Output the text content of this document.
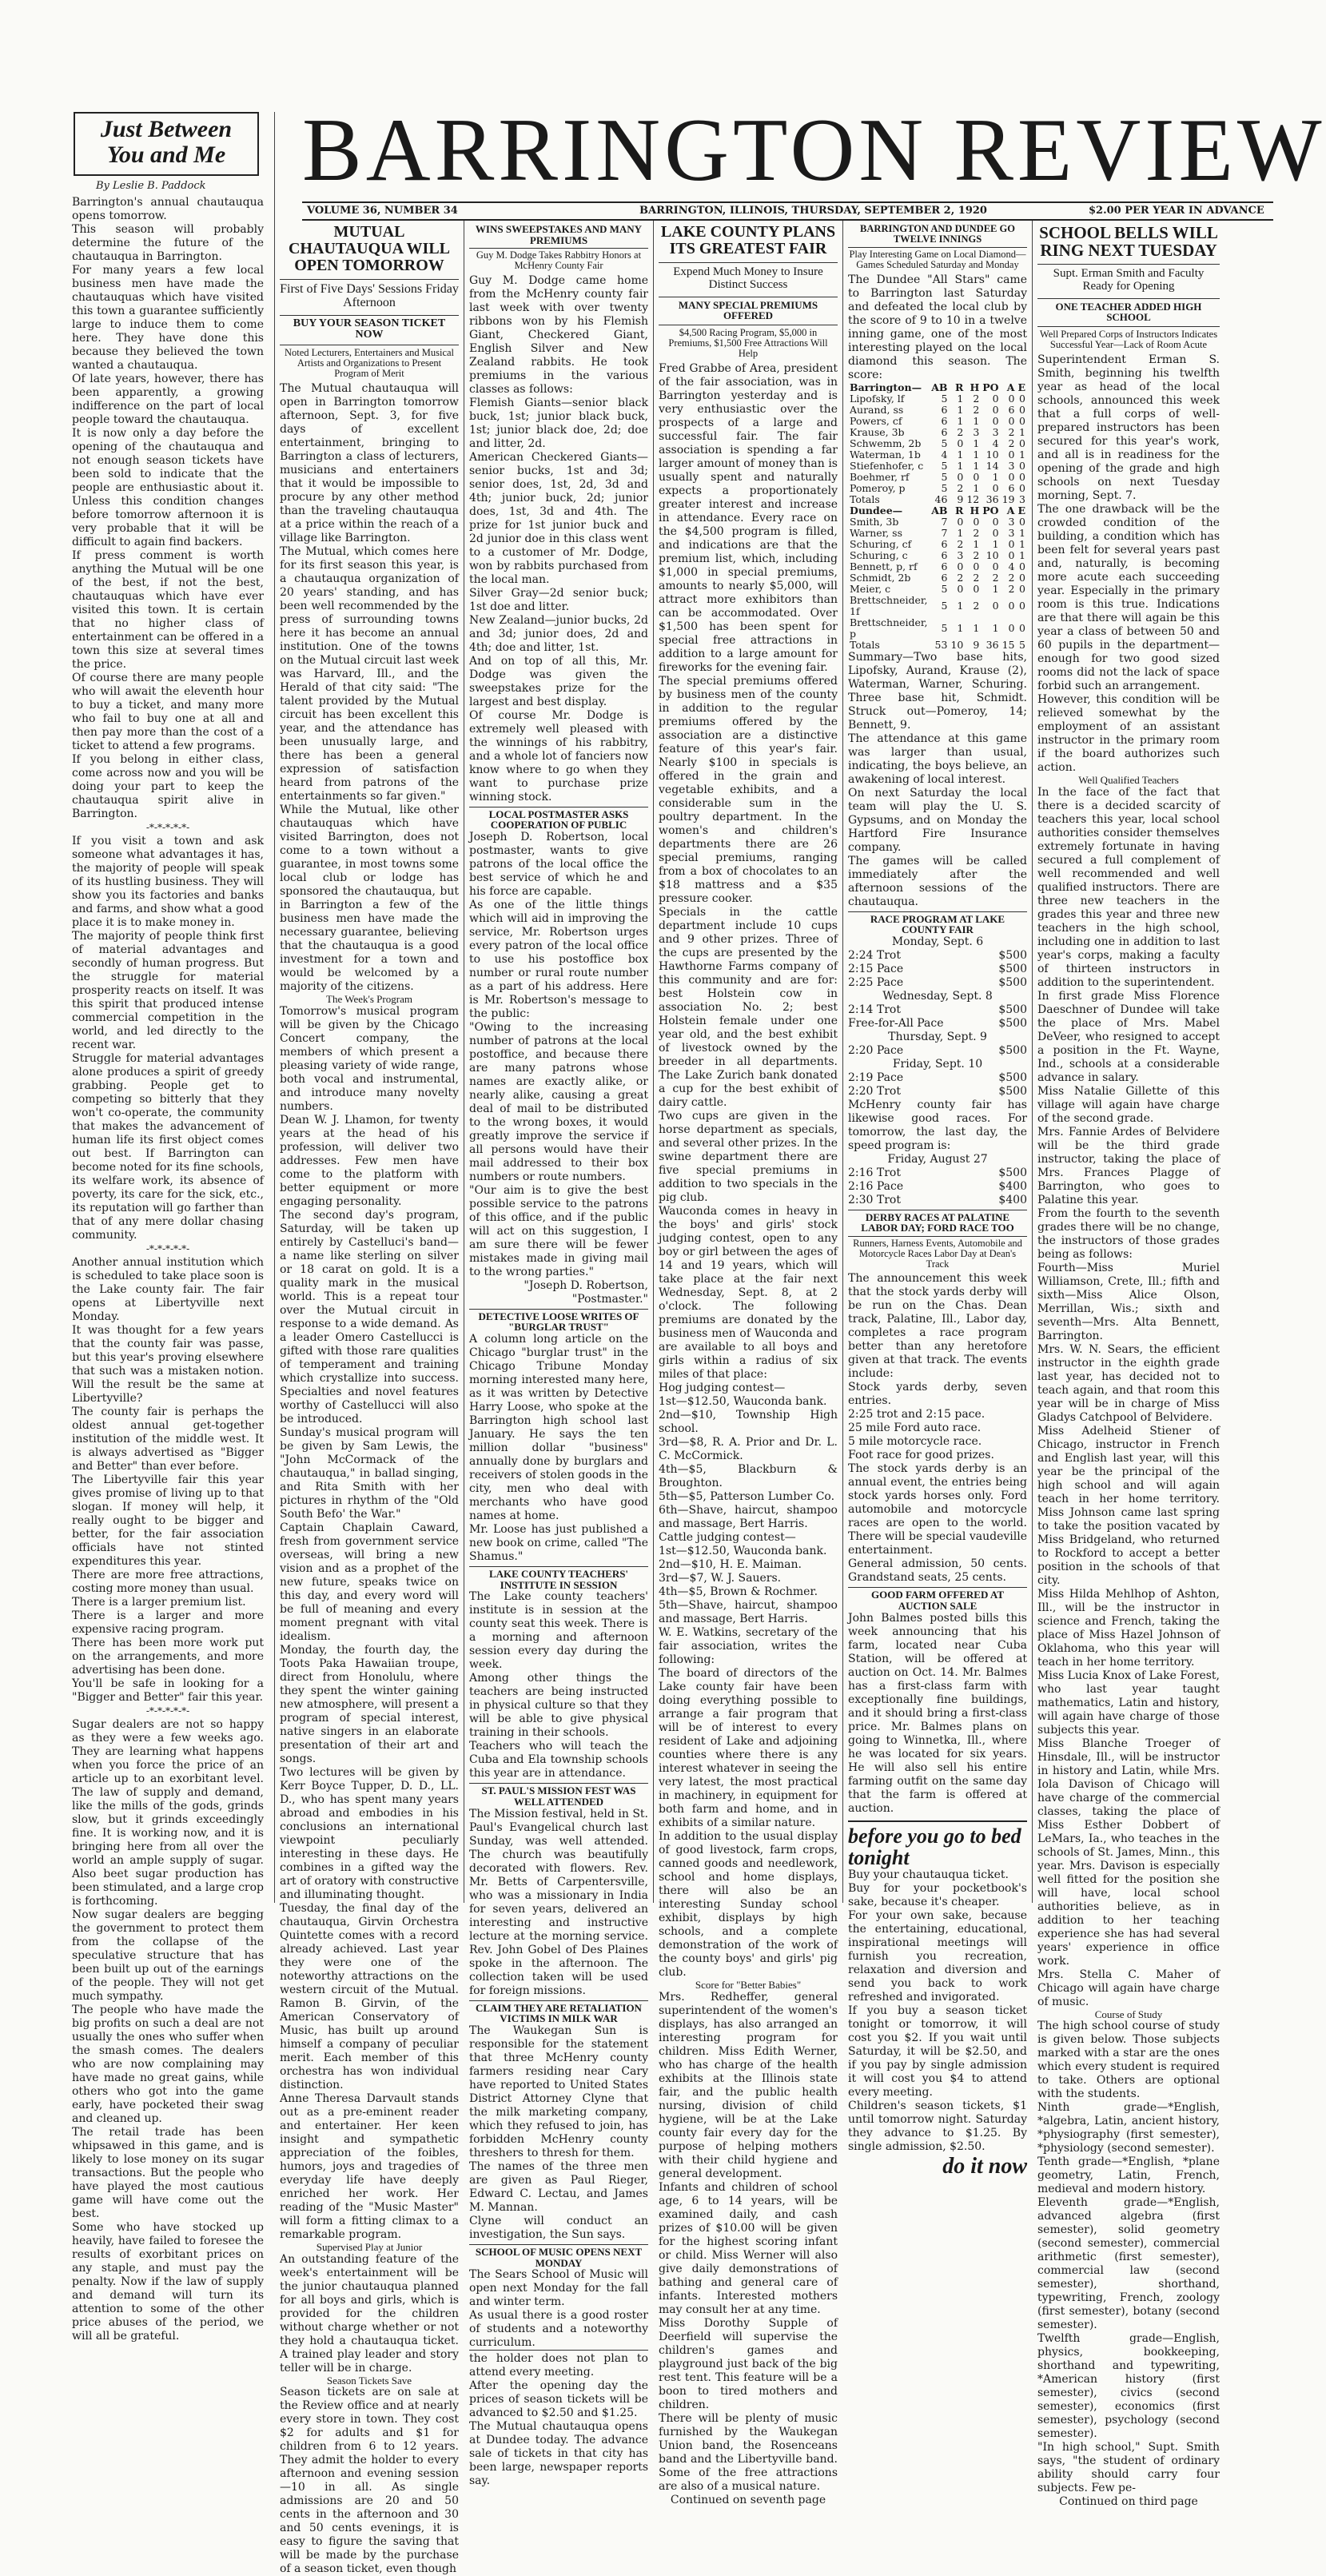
Just Between
You and Me
By Leslie B. Paddock	BARRINGTON REVIEW
VOLUME 36, NUMBER 34	BARRINGTON, ILLINOIS, THURSDAY, SEPTEMBER 2, 1920	$2.00 PER YEAR IN ADVANCE

Barrington's annual chautauqua opens tomorrow.

This season will probably determine the future of the chautauqua in Barrington.

For many years a few local business men have made the chautauquas which have visited this town a guarantee sufficiently large to induce them to come here. They have done this because they believed the town wanted a chautauqua.

Of late years, however, there has been apparently, a growing indifference on the part of local people toward the chautauqua.

It is now only a day before the opening of the chautauqua and not enough season tickets have been sold to indicate that the people are enthusiastic about it. Unless this condition changes before tomorrow afternoon it is very probable that it will be difficult to again find backers.

If press comment is worth anything the Mutual will be one of the best, if not the best, chautauquas which have ever visited this town. It is certain that no higher class of entertainment can be offered in a town this size at several times the price.

Of course there are many people who will await the eleventh hour to buy a ticket, and many more who fail to buy one at all and then pay more than the cost of a ticket to attend a few programs.

If you belong in either class, come across now and you will be doing your part to keep the chautauqua spirit alive in Barrington.

-*-*-*-*-*-

If you visit a town and ask someone what advantages it has, the majority of people will speak of its hustling business. They will show you its factories and banks and farms, and show what a good place it is to make money in.

The majority of people think first of material advantages and secondly of human progress. But the struggle for material prosperity reacts on itself. It was this spirit that produced intense commercial competition in the world, and led directly to the recent war.

Struggle for material advantages alone produces a spirit of greedy grabbing. People get to competing so bitterly that they won't co-operate, the community that makes the advancement of human life its first object comes out best. If Barrington can become noted for its fine schools, its welfare work, its absence of poverty, its care for the sick, etc., its reputation will go farther than that of any mere dollar chasing community.

-*-*-*-*-*-

Another annual institution which is scheduled to take place soon is the Lake county fair. The fair opens at Libertyville next Monday.

It was thought for a few years that the county fair was passe, but this year's proving elsewhere that such was a mistaken notion. Will the result be the same at Libertyville?

The county fair is perhaps the oldest annual get-together institution of the middle west. It is always advertised as "Bigger and Better" than ever before.

The Libertyville fair this year gives promise of living up to that slogan. If money will help, it really ought to be bigger and better, for the fair association officials have not stinted expenditures this year.

There are more free attractions, costing more money than usual.

There is a larger premium list.

There is a larger and more expensive racing program.

There has been more work put on the arrangements, and more advertising has been done.

You'll be safe in looking for a "Bigger and Better" fair this year.

-*-*-*-*-*-

Sugar dealers are not so happy as they were a few weeks ago. They are learning what happens when you force the price of an article up to an exorbitant level. The law of supply and demand, like the mills of the gods, grinds slow, but it grinds exceedingly fine. It is working now, and it is bringing here from all over the world an ample supply of sugar. Also beet sugar production has been stimulated, and a large crop is forthcoming.

Now sugar dealers are begging the government to protect them from the collapse of the speculative structure that has been built up out of the earnings of the people. They will not get much sympathy.

The people who have made the big profits on such a deal are not usually the ones who suffer when the smash comes. The dealers who are now complaining may have made no great gains, while others who got into the game early, have pocketed their swag and cleaned up.

The retail trade has been whipsawed in this game, and is likely to lose money on its sugar transactions. But the people who have played the most cautious game will have come out the best.

Some who have stocked up heavily, have failed to foresee the results of exorbitant prices on any staple, and must pay the penalty. Now if the law of supply and demand will turn its attention to some of the other price abuses of the period, we will all be grateful.

MUTUAL CHAUTAUQUA WILL OPEN TOMORROW
First of Five Days' Sessions Friday Afternoon
BUY YOUR SEASON TICKET NOW
Noted Lecturers, Entertainers and Musical Artists and Organizations to Present Program of Merit

The Mutual chautauqua will open in Barrington tomorrow afternoon, Sept. 3, for five days of excellent entertainment, bringing to Barrington a class of lecturers, musicians and entertainers that it would be impossible to procure by any other method than the traveling chautauqua at a price within the reach of a village like Barrington.

The Mutual, which comes here for its first season this year, is a chautauqua organization of 20 years' standing, and has been well recommended by the press of surrounding towns here it has become an annual institution. One of the towns on the Mutual circuit last week was Harvard, Ill., and the Herald of that city said: "The talent provided by the Mutual circuit has been excellent this year, and the attendance has been unusually large, and there has been a general expression of satisfaction heard from patrons of the entertainments so far given."

While the Mutual, like other chautauquas which have visited Barrington, does not come to a town without a guarantee, in most towns some local club or lodge has sponsored the chautauqua, but in Barrington a few of the business men have made the necessary guarantee, believing that the chautauqua is a good investment for a town and would be welcomed by a majority of the citizens.

The Week's Program

Tomorrow's musical program will be given by the Chicago Concert company, the members of which present a pleasing variety of wide range, both vocal and instrumental, and introduce many novelty numbers.

Dean W. J. Lhamon, for twenty years at the head of his profession, will deliver two addresses. Few men have come to the platform with better equipment or more engaging personality.

The second day's program, Saturday, will be taken up entirely by Castelluci's band—a name like sterling on silver or 18 carat on gold. It is a quality mark in the musical world. This is a repeat tour over the Mutual circuit in response to a wide demand. As a leader Omero Castellucci is gifted with those rare qualities of temperament and training which crystallize into success. Specialties and novel features worthy of Castellucci will also be introduced.

Sunday's musical program will be given by Sam Lewis, the "John McCormack of the chautauqua," in ballad singing, and Rita Smith with her pictures in rhythm of the "Old South Befo' the War."

Captain Chaplain Caward, fresh from government service overseas, will bring a new vision and as a prophet of the new future, speaks twice on this day, and every word will be full of meaning and every moment pregnant with vital idealism.

Monday, the fourth day, the Toots Paka Hawaiian troupe, direct from Honolulu, where they spent the winter gaining new atmosphere, will present a program of special interest, native singers in an elaborate presentation of their art and songs.

Two lectures will be given by Kerr Boyce Tupper, D. D., LL. D., who has spent many years abroad and embodies in his conclusions an international viewpoint peculiarly interesting in these days. He combines in a gifted way the art of oratory with constructive and illuminating thought.

Tuesday, the final day of the chautauqua, Girvin Orchestra Quintette comes with a record already achieved. Last year they were one of the noteworthy attractions on the western circuit of the Mutual. Ramon B. Girvin, of the American Conservatory of Music, has built up around himself a company of peculiar merit. Each member of this orchestra has won individual distinction.

Anne Theresa Darvault stands out as a pre-eminent reader and entertainer. Her keen insight and sympathetic appreciation of the foibles, humors, joys and tragedies of everyday life have deeply enriched her work. Her reading of the "Music Master" will form a fitting climax to a remarkable program.

Supervised Play at Junior

An outstanding feature of the week's entertainment will be the junior chautauqua planned for all boys and girls, which is provided for the children without charge whether or not they hold a chautauqua ticket. A trained play leader and story teller will be in charge.

Season Tickets Save

Season tickets are on sale at the Review office and at nearly every store in town. They cost $2 for adults and $1 for children from 6 to 12 years. They admit the holder to every afternoon and evening session—10 in all. As single admissions are 20 and 50 cents in the afternoon and 30 and 50 cents evenings, it is easy to figure the saving that will be made by the purchase of a season ticket, even though

WINS SWEEPSTAKES AND MANY PREMIUMS
Guy M. Dodge Takes Rabbitry Honors at McHenry County Fair

Guy M. Dodge came home from the McHenry county fair last week with over twenty ribbons won by his Flemish Giant, Checkered Giant, English Silver and New Zealand rabbits. He took premiums in the various classes as follows:

Flemish Giants—senior black buck, 1st; junior black buck, 1st; junior black doe, 2d; doe and litter, 2d.

American Checkered Giants—senior bucks, 1st and 3d; senior does, 1st, 2d, 3d and 4th; junior buck, 2d; junior does, 1st, 3d and 4th. The prize for 1st junior buck and 2d junior doe in this class went to a customer of Mr. Dodge, won by rabbits purchased from the local man.

Silver Gray—2d senior buck; 1st doe and litter.

New Zealand—junior bucks, 2d and 3d; junior does, 2d and 4th; doe and litter, 1st.

And on top of all this, Mr. Dodge was given the sweepstakes prize for the largest and best display.

Of course Mr. Dodge is extremely well pleased with the winnings of his rabbitry, and a whole lot of fanciers now know where to go when they want to purchase prize winning stock.

LOCAL POSTMASTER ASKS COOPERATION OF PUBLIC

Joseph D. Robertson, local postmaster, wants to give patrons of the local office the best service of which he and his force are capable.

As one of the little things which will aid in improving the service, Mr. Robertson urges every patron of the local office to use his postoffice box number or rural route number as a part of his address. Here is Mr. Robertson's message to the public:

"Owing to the increasing number of patrons at the local postoffice, and because there are many patrons whose names are exactly alike, or nearly alike, causing a great deal of mail to be distributed to the wrong boxes, it would greatly improve the service if all persons would have their mail addressed to their box numbers or route numbers.

"Our aim is to give the best possible service to the patrons of this office, and if the public will act on this suggestion, I am sure there will be fewer mistakes made in giving mail to the wrong parties."

"Joseph D. Robertson,

"Postmaster."

DETECTIVE LOOSE WRITES OF "BURGLAR TRUST"

A column long article on the Chicago "burglar trust" in the Chicago Tribune Monday morning interested many here, as it was written by Detective Harry Loose, who spoke at the Barrington high school last January. He says the ten million dollar "business" annually done by burglars and receivers of stolen goods in the city, men who deal with merchants who have good names at home.

Mr. Loose has just published a new book on crime, called "The Shamus."

LAKE COUNTY TEACHERS' INSTITUTE IN SESSION

The Lake county teachers' institute is in session at the county seat this week. There is a morning and afternoon session every day during the week.

Among other things the teachers are being instructed in physical culture so that they will be able to give physical training in their schools.

Teachers who will teach the Cuba and Ela township schools this year are in attendance.

ST. PAUL'S MISSION FEST WAS WELL ATTENDED

The Mission festival, held in St. Paul's Evangelical church last Sunday, was well attended. The church was beautifully decorated with flowers. Rev. Mr. Betts of Carpentersville, who was a missionary in India for seven years, delivered an interesting and instructive lecture at the morning service. Rev. John Gobel of Des Plaines spoke in the afternoon. The collection taken will be used for foreign missions.

CLAIM THEY ARE RETALIATION VICTIMS IN MILK WAR

The Waukegan Sun is responsible for the statement that three McHenry county farmers residing near Cary have reported to United States District Attorney Clyne that the milk marketing company, which they refused to join, has forbidden McHenry county threshers to thresh for them.

The names of the three men are given as Paul Rieger, Edward C. Lectau, and James M. Mannan.

Clyne will conduct an investigation, the Sun says.

SCHOOL OF MUSIC OPENS NEXT MONDAY

The Sears School of Music will open next Monday for the fall and winter term.

As usual there is a good roster of students and a noteworthy curriculum.

the holder does not plan to attend every meeting.

After the opening day the prices of season tickets will be advanced to $2.50 and $1.25.

The Mutual chautauqua opens at Dundee today. The advance sale of tickets in that city has been large, newspaper reports say.

LAKE COUNTY PLANS ITS GREATEST FAIR
Expend Much Money to Insure Distinct Success
MANY SPECIAL PREMIUMS OFFERED
$4,500 Racing Program, $5,000 in Premiums, $1,500 Free Attractions Will Help

Fred Grabbe of Area, president of the fair association, was in Barrington yesterday and is very enthusiastic over the prospects of a large and successful fair. The fair association is spending a far larger amount of money than is usually spent and naturally expects a proportionately greater interest and increase in attendance. Every race on the $4,500 program is filled, and indications are that the premium list, which, including $1,000 in special premiums, amounts to nearly $5,000, will attract more exhibitors than can be accommodated. Over $1,500 has been spent for special free attractions in addition to a large amount for fireworks for the evening fair.

The special premiums offered by business men of the county in addition to the regular premiums offered by the association are a distinctive feature of this year's fair. Nearly $100 in specials is offered in the grain and vegetable exhibits, and a considerable sum in the poultry department. In the women's and children's departments there are 26 special premiums, ranging from a box of chocolates to an $18 mattress and a $35 pressure cooker.

Specials in the cattle department include 10 cups and 9 other prizes. Three of the cups are presented by the Hawthorne Farms company of this community and are for: best Holstein cow in association No. 2; best Holstein female under one year old, and the best exhibit of livestock owned by the breeder in all departments. The Lake Zurich bank donated a cup for the best exhibit of dairy cattle.

Two cups are given in the horse department as specials, and several other prizes. In the swine department there are five special premiums in addition to two specials in the pig club.

Wauconda comes in heavy in the boys' and girls' stock judging contest, open to any boy or girl between the ages of 14 and 19 years, which will take place at the fair next Wednesday, Sept. 8, at 2 o'clock. The following premiums are donated by the business men of Wauconda and are available to all boys and girls within a radius of six miles of that place:

Hog judging contest—

1st—$12.50, Wauconda bank.

2nd—$10, Township High school.

3rd—$8, R. A. Prior and Dr. L. C. McCormick.

4th—$5, Blackburn & Broughton.

5th—$5, Patterson Lumber Co.

6th—Shave, haircut, shampoo and massage, Bert Harris.

Cattle judging contest—

1st—$12.50, Wauconda bank.

2nd—$10, H. E. Maiman.

3rd—$7, W. J. Sauers.

4th—$5, Brown & Rochmer.

5th—Shave, haircut, shampoo and massage, Bert Harris.

W. E. Watkins, secretary of the fair association, writes the following:

The board of directors of the Lake county fair have been doing everything possible to arrange a fair program that will be of interest to every resident of Lake and adjoining counties where there is any interest whatever in seeing the very latest, the most practical in machinery, in equipment for both farm and home, and in exhibits of a similar nature.

In addition to the usual display of good livestock, farm crops, canned goods and needlework, school and home displays, there will also be an interesting Sunday school exhibit, displays by high schools, and a complete demonstration of the work of the county boys' and girls' pig club.

Score for "Better Babies"

Mrs. Redheffer, general superintendent of the women's displays, has also arranged an interesting program for children. Miss Edith Werner, who has charge of the health exhibits at the Illinois state fair, and the public health nursing, division of child hygiene, will be at the Lake county fair every day for the purpose of helping mothers with their child hygiene and general development.

Infants and children of school age, 6 to 14 years, will be examined daily, and cash prizes of $10.00 will be given for the highest scoring infant or child. Miss Werner will also give daily demonstrations of bathing and general care of infants. Interested mothers may consult her at any time.

Miss Dorothy Supple of Deerfield will supervise the children's games and playground just back of the big rest tent. This feature will be a boon to tired mothers and children.

There will be plenty of music furnished by the Waukegan Union band, the Rosenceans band and the Libertyville band. Some of the free attractions are also of a musical nature.

Continued on seventh page

BARRINGTON AND DUNDEE GO TWELVE INNINGS
Play Interesting Game on Local Diamond—Games Scheduled Saturday and Monday

The Dundee "All Stars" came to Barrington last Saturday and defeated the local club by the score of 9 to 10 in a twelve inning game, one of the most interesting played on the local diamond this season. The score:

Barrington—	AB	R	H	PO	A	E
Lipofsky, lf	5	1	2	0	0	0
Aurand, ss	6	1	2	0	6	0
Powers, cf	6	1	1	0	0	0
Krause, 3b	6	2	3	3	2	1
Schwemm, 2b	5	0	1	4	2	0
Waterman, 1b	4	1	1	10	0	1
Stiefenhofer, c	5	1	1	14	3	0
Boehmer, rf	5	0	0	1	0	0
Pomeroy, p	5	2	1	0	6	0
Totals	46	9	12	36	19	3
Dundee—	AB	R	H	PO	A	E
Smith, 3b	7	0	0	0	3	0
Warner, ss	7	1	2	0	3	1
Schuring, cf	6	2	1	1	0	1
Schuring, c	6	3	2	10	0	1
Bennett, p, rf	6	0	0	0	4	0
Schmidt, 2b	6	2	2	2	2	0
Meier, c	5	0	0	1	2	0
Brettschneider, 1f	5	1	2	0	0	0
Brettschneider, p	5	1	1	1	0	0
Totals	53	10	9	36	15	5

Summary—Two base hits, Lipofsky, Aurand, Krause (2), Waterman, Warner, Schuring. Three base hit, Schmidt. Struck out—Pomeroy, 14; Bennett, 9.

The attendance at this game was larger than usual, indicating, the boys believe, an awakening of local interest.

On next Saturday the local team will play the U. S. Gypsums, and on Monday the Hartford Fire Insurance company.

The games will be called immediately after the afternoon sessions of the chautauqua.

RACE PROGRAM AT LAKE COUNTY FAIR
Monday, Sept. 6
2:24 Trot	$500
2:15 Pace	$500
2:25 Pace	$500
Wednesday, Sept. 8
2:14 Trot	$500
Free-for-All Pace	$500
Thursday, Sept. 9
2:20 Pace	$500
Friday, Sept. 10
2:19 Pace	$500
2:20 Trot	$500

McHenry county fair has likewise good races. For tomorrow, the last day, the speed program is:

Friday, August 27

2:16 Trot	$500
2:16 Pace	$400
2:30 Trot	$400
DERBY RACES AT PALATINE LABOR DAY; FORD RACE TOO
Runners, Harness Events, Automobile and Motorcycle Races Labor Day at Dean's Track

The announcement this week that the stock yards derby will be run on the Chas. Dean track, Palatine, Ill., Labor day, completes a race program better than any heretofore given at that track. The events include:

Stock yards derby, seven entries.

2:25 trot and 2:15 pace.

25 mile Ford auto race.

5 mile motorcycle race.

Foot race for good prizes.

The stock yards derby is an annual event, the entries being stock yards horses only. Ford automobile and motorcycle races are open to the world. There will be special vaudeville entertainment.

General admission, 50 cents. Grandstand seats, 25 cents.

GOOD FARM OFFERED AT AUCTION SALE

John Balmes posted bills this week announcing that his farm, located near Cuba Station, will be offered at auction on Oct. 14. Mr. Balmes has a first-class farm with exceptionally fine buildings, and it should bring a first-class price. Mr. Balmes plans on going to Winnetka, Ill., where he was located for six years. He will also sell his entire farming outfit on the same day that the farm is offered at auction.

before you go to bed tonight

Buy your chautauqua ticket.

Buy for your pocketbook's sake, because it's cheaper.

For your own sake, because the entertaining, educational, inspirational meetings will furnish you recreation, relaxation and diversion and send you back to work refreshed and invigorated.

If you buy a season ticket tonight or tomorrow, it will cost you $2. If you wait until Saturday, it will be $2.50, and if you pay by single admission it will cost you $4 to attend every meeting.

Children's season tickets, $1 until tomorrow night. Saturday they advance to $1.25. By single admission, $2.50.

do it now
SCHOOL BELLS WILL RING NEXT TUESDAY
Supt. Erman Smith and Faculty Ready for Opening
ONE TEACHER ADDED HIGH SCHOOL
Well Prepared Corps of Instructors Indicates Successful Year—Lack of Room Acute

Superintendent Erman S. Smith, beginning his twelfth year as head of the local schools, announced this week that a full corps of well-prepared instructors has been secured for this year's work, and all is in readiness for the opening of the grade and high schools on next Tuesday morning, Sept. 7.

The one drawback will be the crowded condition of the building, a condition which has been felt for several years past and, naturally, is becoming more acute each succeeding year. Especially in the primary room is this true. Indications are that there will again be this year a class of between 50 and 60 pupils in the department—enough for two good sized rooms did not the lack of space forbid such an arrangement.

However, this condition will be relieved somewhat by the employment of an assistant instructor in the primary room if the board authorizes such action.

Well Qualified Teachers

In the face of the fact that there is a decided scarcity of teachers this year, local school authorities consider themselves extremely fortunate in having secured a full complement of well recommended and well qualified instructors. There are three new teachers in the grades this year and three new teachers in the high school, including one in addition to last year's corps, making a faculty of thirteen instructors in addition to the superintendent.

In first grade Miss Florence Daeschner of Dundee will take the place of Mrs. Mabel DeVeer, who resigned to accept a position in the Ft. Wayne, Ind., schools at a considerable advance in salary.

Miss Natalie Gillette of this village will again have charge of the second grade.

Mrs. Fannie Ardes of Belvidere will be the third grade instructor, taking the place of Mrs. Frances Plagge of Barrington, who goes to Palatine this year.

From the fourth to the seventh grades there will be no change, the instructors of those grades being as follows:

Fourth—Miss Muriel Williamson, Crete, Ill.; fifth and sixth—Miss Alice Olson, Merrillan, Wis.; sixth and seventh—Mrs. Alta Bennett, Barrington.

Mrs. W. N. Sears, the efficient instructor in the eighth grade last year, has decided not to teach again, and that room this year will be in charge of Miss Gladys Catchpool of Belvidere.

Miss Adelheid Stiener of Chicago, instructor in French and English last year, will this year be the principal of the high school and will again teach in her home territory. Miss Johnson came last spring to take the position vacated by Miss Bridgeland, who returned to Rockford to accept a better position in the schools of that city.

Miss Hilda Mehlhop of Ashton, Ill., will be the instructor in science and French, taking the place of Miss Hazel Johnson of Oklahoma, who this year will teach in her home territory.

Miss Lucia Knox of Lake Forest, who last year taught mathematics, Latin and history, will again have charge of those subjects this year.

Miss Blanche Troeger of Hinsdale, Ill., will be instructor in history and Latin, while Mrs. Iola Davison of Chicago will have charge of the commercial classes, taking the place of Miss Esther Dobbert of LeMars, Ia., who teaches in the schools of St. James, Minn., this year. Mrs. Davison is especially well fitted for the position she will have, local school authorities believe, as in addition to her teaching experience she has had several years' experience in office work.

Mrs. Stella C. Maher of Chicago will again have charge of music.

Course of Study

The high school course of study is given below. Those subjects marked with a star are the ones which every student is required to take. Others are optional with the students.

Ninth grade—*English, *algebra, Latin, ancient history, *physiography (first semester), *physiology (second semester).

Tenth grade—*English, *plane geometry, Latin, French, medieval and modern history.

Eleventh grade—*English, advanced algebra (first semester), solid geometry (second semester), commercial arithmetic (first semester), commercial law (second semester), shorthand, typewriting, French, zoology (first semester), botany (second semester).

Twelfth grade—English, physics, bookkeeping, shorthand and typewriting, *American history (first semester), civics (second semester), economics (first semester), psychology (second semester).

"In high school," Supt. Smith says, "the student of ordinary ability should carry four subjects. Few pe-

Continued on third page
